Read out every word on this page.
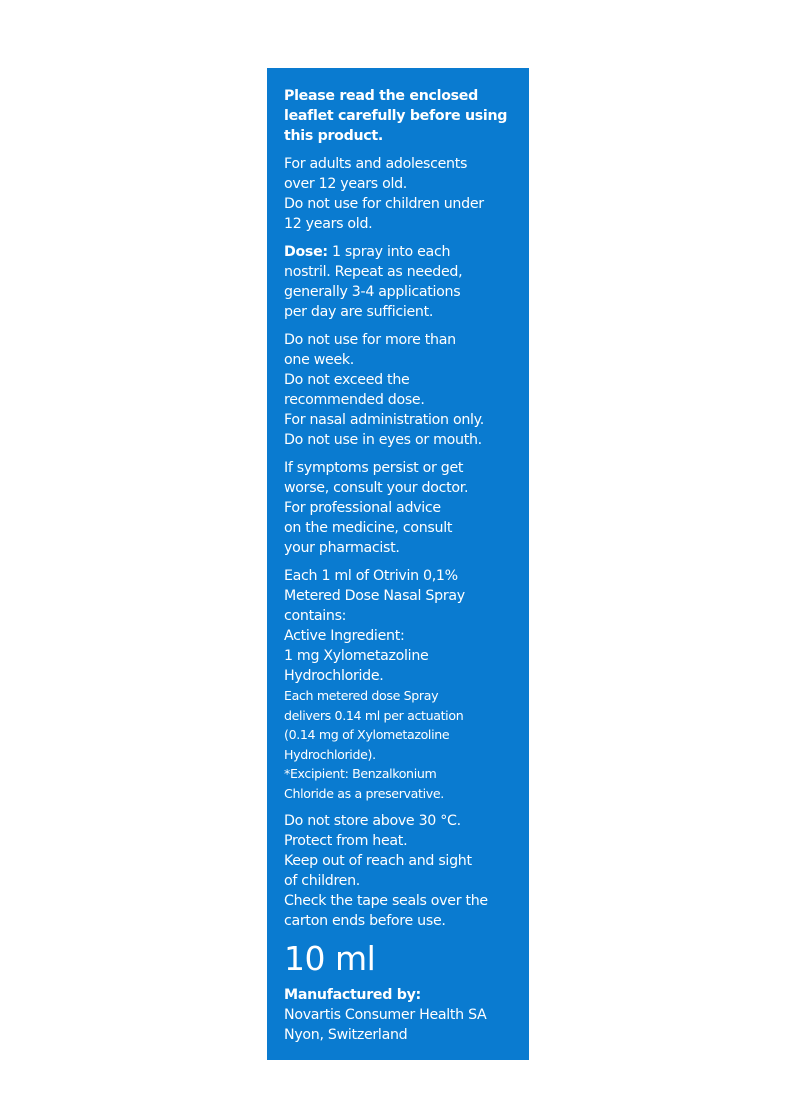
Please read the enclosed
leaflet carefully before using
this product.
For adults and adolescents
over 12 years old.
Do not use for children under
12 years old.
Dose: 1 spray into each
nostril. Repeat as needed,
generally 3-4 applications
per day are sufficient.
Do not use for more than
one week.
Do not exceed the
recommended dose.
For nasal administration only.
Do not use in eyes or mouth.
If symptoms persist or get
worse, consult your doctor.
For professional advice
on the medicine, consult
your pharmacist.
Each 1 ml of Otrivin 0,1%
Metered Dose Nasal Spray
contains:
Active Ingredient:
1 mg Xylometazoline
Hydrochloride.
Each metered dose Spray
delivers 0.14 ml per actuation
(0.14 mg of Xylometazoline
Hydrochloride).
*Excipient: Benzalkonium
Chloride as a preservative.
Do not store above 30 °C.
Protect from heat.
Keep out of reach and sight
of children.
Check the tape seals over the
carton ends before use.
10 ml
Manufactured by:
Novartis Consumer Health SA
Nyon, Switzerland
